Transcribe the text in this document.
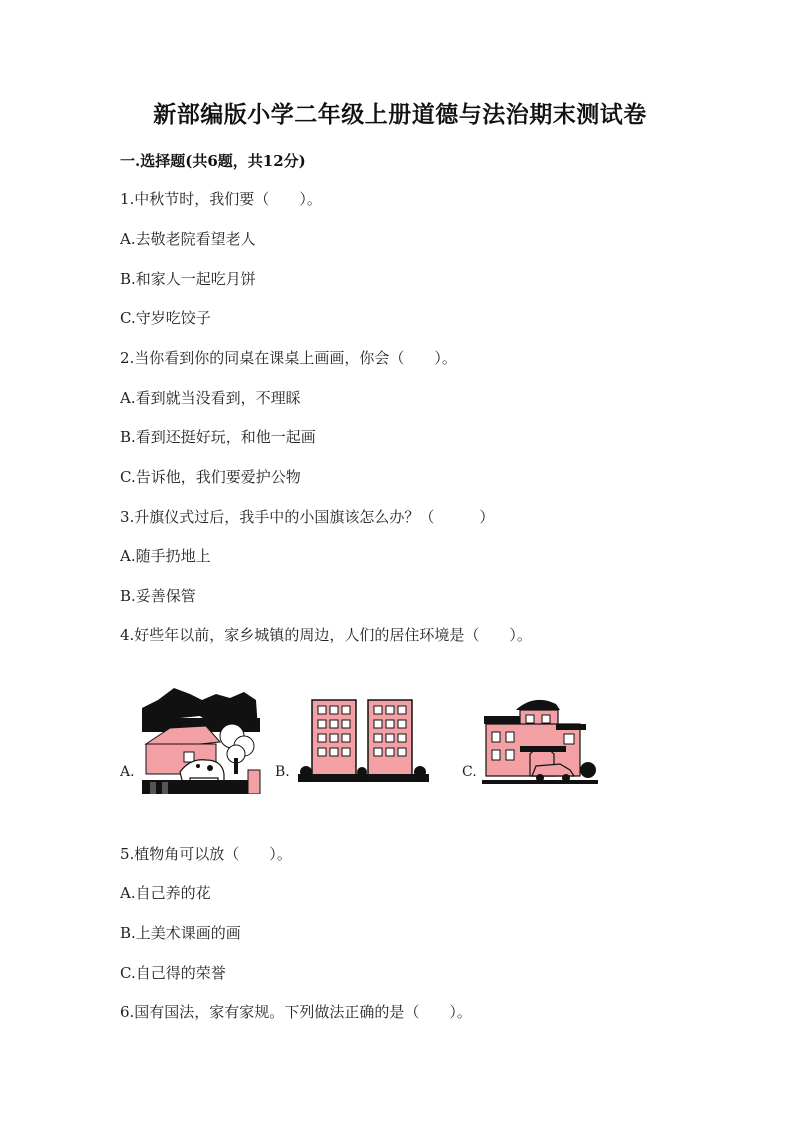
新部编版小学二年级上册道德与法治期末测试卷
一.选择题(共6题，共12分)
1.中秋节时，我们要（　　）。
A.去敬老院看望老人
B.和家人一起吃月饼
C.守岁吃饺子
2.当你看到你的同桌在课桌上画画，你会（　　）。
A.看到就当没看到，不理睬
B.看到还挺好玩，和他一起画
C.告诉他，我们要爱护公物
3.升旗仪式过后，我手中的小国旗该怎么办？（　　　）
A.随手扔地上
B.妥善保管
4.好些年以前，家乡城镇的周边，人们的居住环境是（　　）。
A.	B.	C.
5.植物角可以放（　　）。
A.自己养的花
B.上美术课画的画
C.自己得的荣誉
6.国有国法，家有家规。下列做法正确的是（　　）。
